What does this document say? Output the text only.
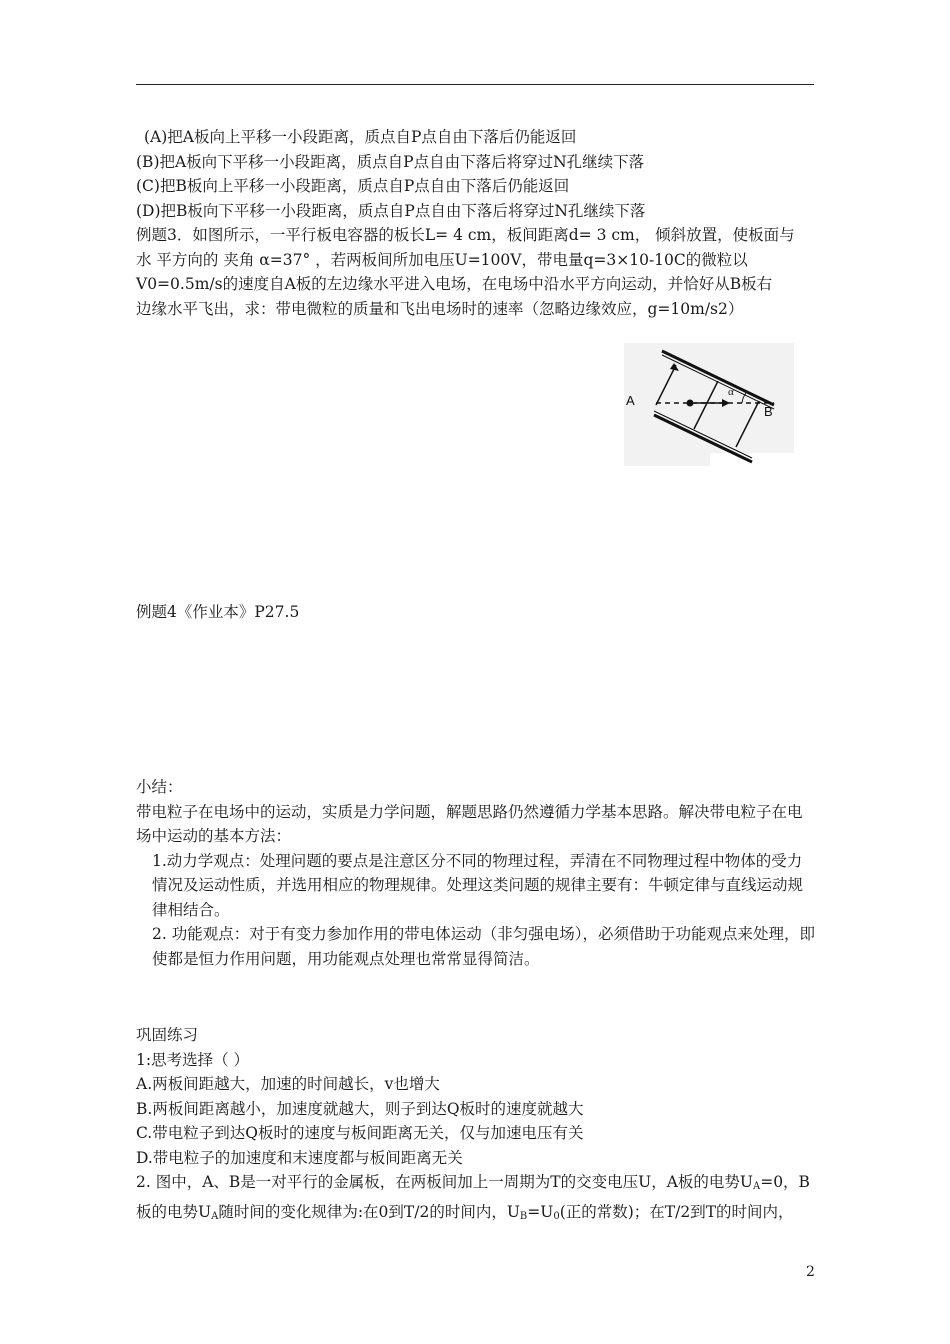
(A)把A板向上平移一小段距离，质点自P点自由下落后仍能返回
(B)把A板向下平移一小段距离，质点自P点自由下落后将穿过N孔继续下落
(C)把B板向上平移一小段距离，质点自P点自由下落后仍能返回
(D)把B板向下平移一小段距离，质点自P点自由下落后将穿过N孔继续下落
例题3．如图所示，一平行板电容器的板长L= 4 cm，板间距离d= 3 cm， 倾斜放置，使板面与
水 平方向的 夹角 α=37° ，若两板间所加电压U=100V，带电量q=3×10-10C的微粒以
V0=0.5m/s的速度自A板的左边缘水平进入电场，在电场中沿水平方向运动，并恰好从B板右
边缘水平飞出，求：带电微粒的质量和飞出电场时的速率（忽略边缘效应，g=10m/s2）
A
B
α
例题4《作业本》P27.5
小结：
带电粒子在电场中的运动，实质是力学问题，解题思路仍然遵循力学基本思路。解决带电粒子在电场中运动的基本方法：
1.动力学观点：处理问题的要点是注意区分不同的物理过程，弄清在不同物理过程中物体的受力情况及运动性质，并选用相应的物理规律。处理这类问题的规律主要有：牛顿定律与直线运动规律相结合。
2. 功能观点：对于有变力参加作用的带电体运动（非匀强电场），必须借助于功能观点来处理，即使都是恒力作用问题，用功能观点处理也常常显得简洁。
巩固练习
1:思考选择（ ）
A.两板间距越大，加速的时间越长，v也增大
B.两板间距离越小，加速度就越大，则子到达Q板时的速度就越大
C.带电粒子到达Q板时的速度与板间距离无关，仅与加速电压有关
D.带电粒子的加速度和末速度都与板间距离无关
2. 图中，A、B是一对平行的金属板，在两板间加上一周期为T的交变电压U，A板的电势$U_A=0$，B
板的电势$U_A$随时间的变化规律为:在0到T/2的时间内，$U_B=U_0$(正的常数)；在T/2到T的时间内，
2
